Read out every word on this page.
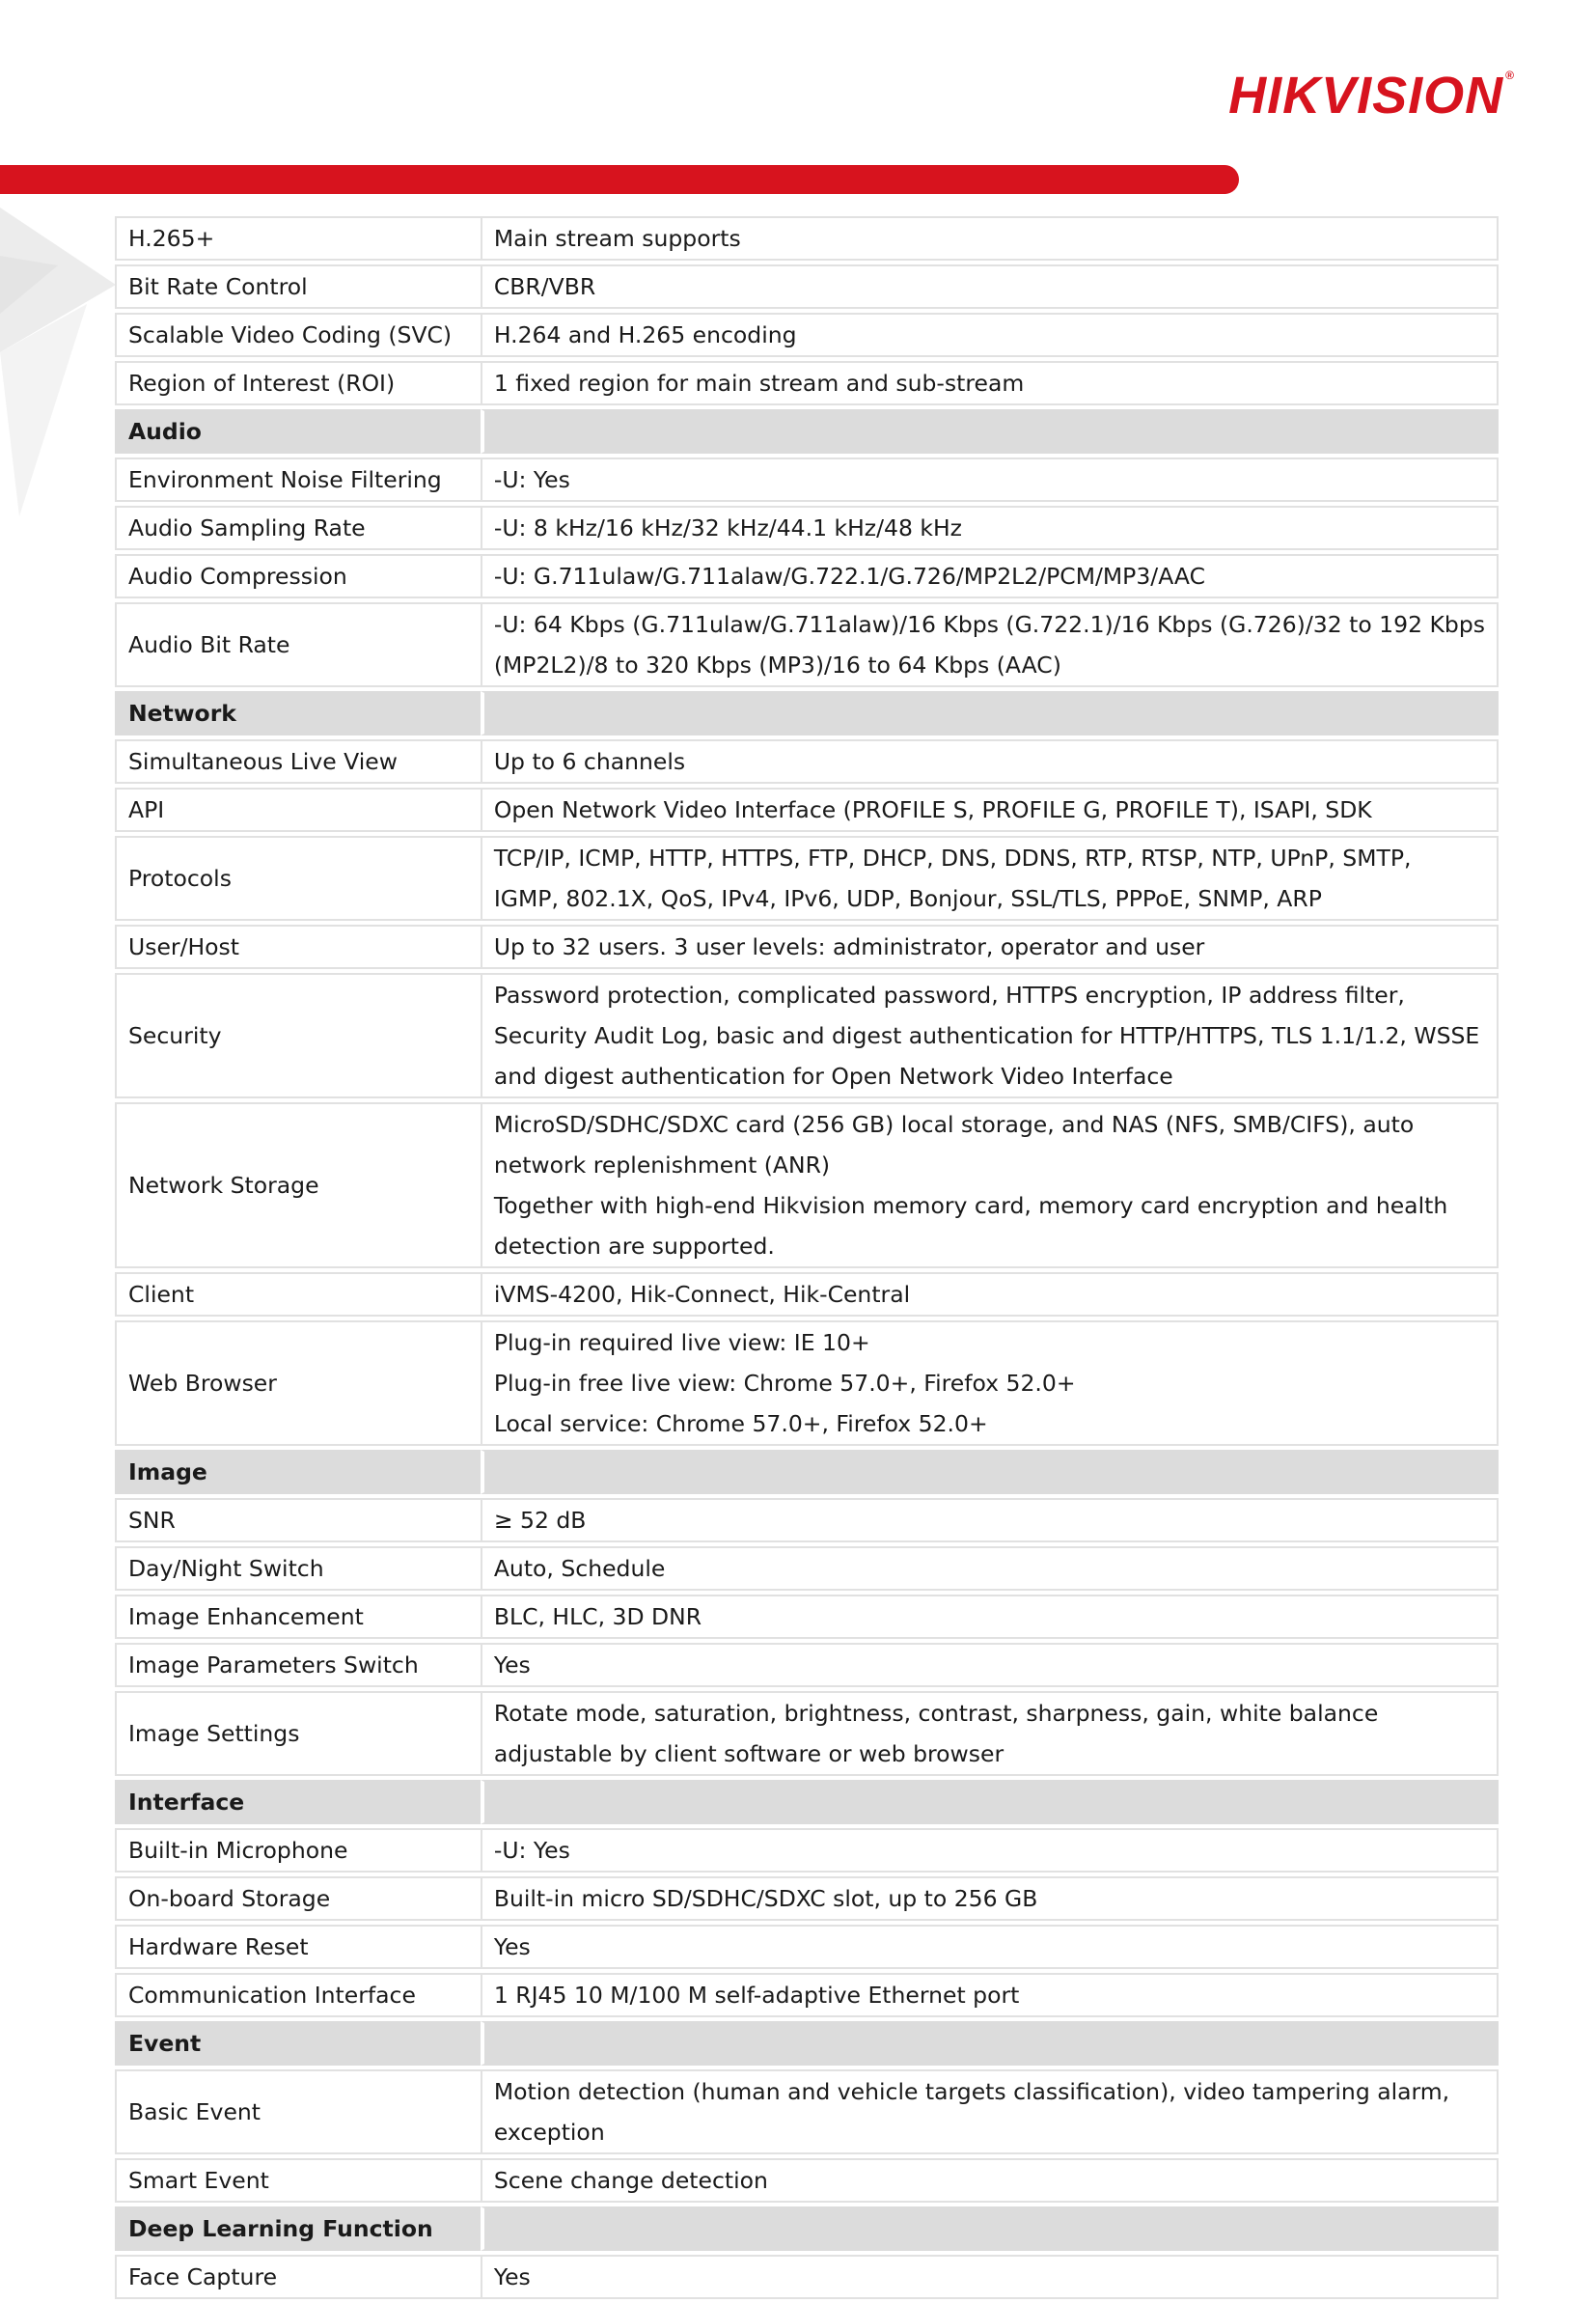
HIKVISION ®
H.265+	Main stream supports

Bit Rate Control	CBR/VBR

Scalable Video Coding (SVC)	H.264 and H.265 encoding

Region of Interest (ROI)	1 fixed region for main stream and sub-stream

Audio	
Environment Noise Filtering	-U: Yes

Audio Sampling Rate	-U: 8 kHz/16 kHz/32 kHz/44.1 kHz/48 kHz

Audio Compression	-U: G.711ulaw/G.711alaw/G.722.1/G.726/MP2L2/PCM/MP3/AAC

Audio Bit Rate	-U: 64 Kbps (G.711ulaw/G.711alaw)/16 Kbps (G.722.1)/16 Kbps (G.726)/32 to 192 Kbps
(MP2L2)/8 to 320 Kbps (MP3)/16 to 64 Kbps (AAC)

Network	
Simultaneous Live View	Up to 6 channels

API	Open Network Video Interface (PROFILE S, PROFILE G, PROFILE T), ISAPI, SDK

Protocols	TCP/IP, ICMP, HTTP, HTTPS, FTP, DHCP, DNS, DDNS, RTP, RTSP, NTP, UPnP, SMTP,
IGMP, 802.1X, QoS, IPv4, IPv6, UDP, Bonjour, SSL/TLS, PPPoE, SNMP, ARP

User/Host	Up to 32 users. 3 user levels: administrator, operator and user

Security	Password protection, complicated password, HTTPS encryption, IP address filter,
Security Audit Log, basic and digest authentication for HTTP/HTTPS, TLS 1.1/1.2, WSSE
and digest authentication for Open Network Video Interface

Network Storage	MicroSD/SDHC/SDXC card (256 GB) local storage, and NAS (NFS, SMB/CIFS), auto
network replenishment (ANR)
Together with high-end Hikvision memory card, memory card encryption and health
detection are supported.

Client	iVMS-4200, Hik-Connect, Hik-Central

Web Browser	Plug-in required live view: IE 10+
Plug-in free live view: Chrome 57.0+, Firefox 52.0+
Local service: Chrome 57.0+, Firefox 52.0+

Image	
SNR	≥ 52 dB

Day/Night Switch	Auto, Schedule

Image Enhancement	BLC, HLC, 3D DNR

Image Parameters Switch	Yes

Image Settings	Rotate mode, saturation, brightness, contrast, sharpness, gain, white balance
adjustable by client software or web browser

Interface	
Built-in Microphone	-U: Yes

On-board Storage	Built-in micro SD/SDHC/SDXC slot, up to 256 GB

Hardware Reset	Yes

Communication Interface	1 RJ45 10 M/100 M self-adaptive Ethernet port

Event	
Basic Event	Motion detection (human and vehicle targets classification), video tampering alarm,
exception

Smart Event	Scene change detection

Deep Learning Function	
Face Capture	Yes
